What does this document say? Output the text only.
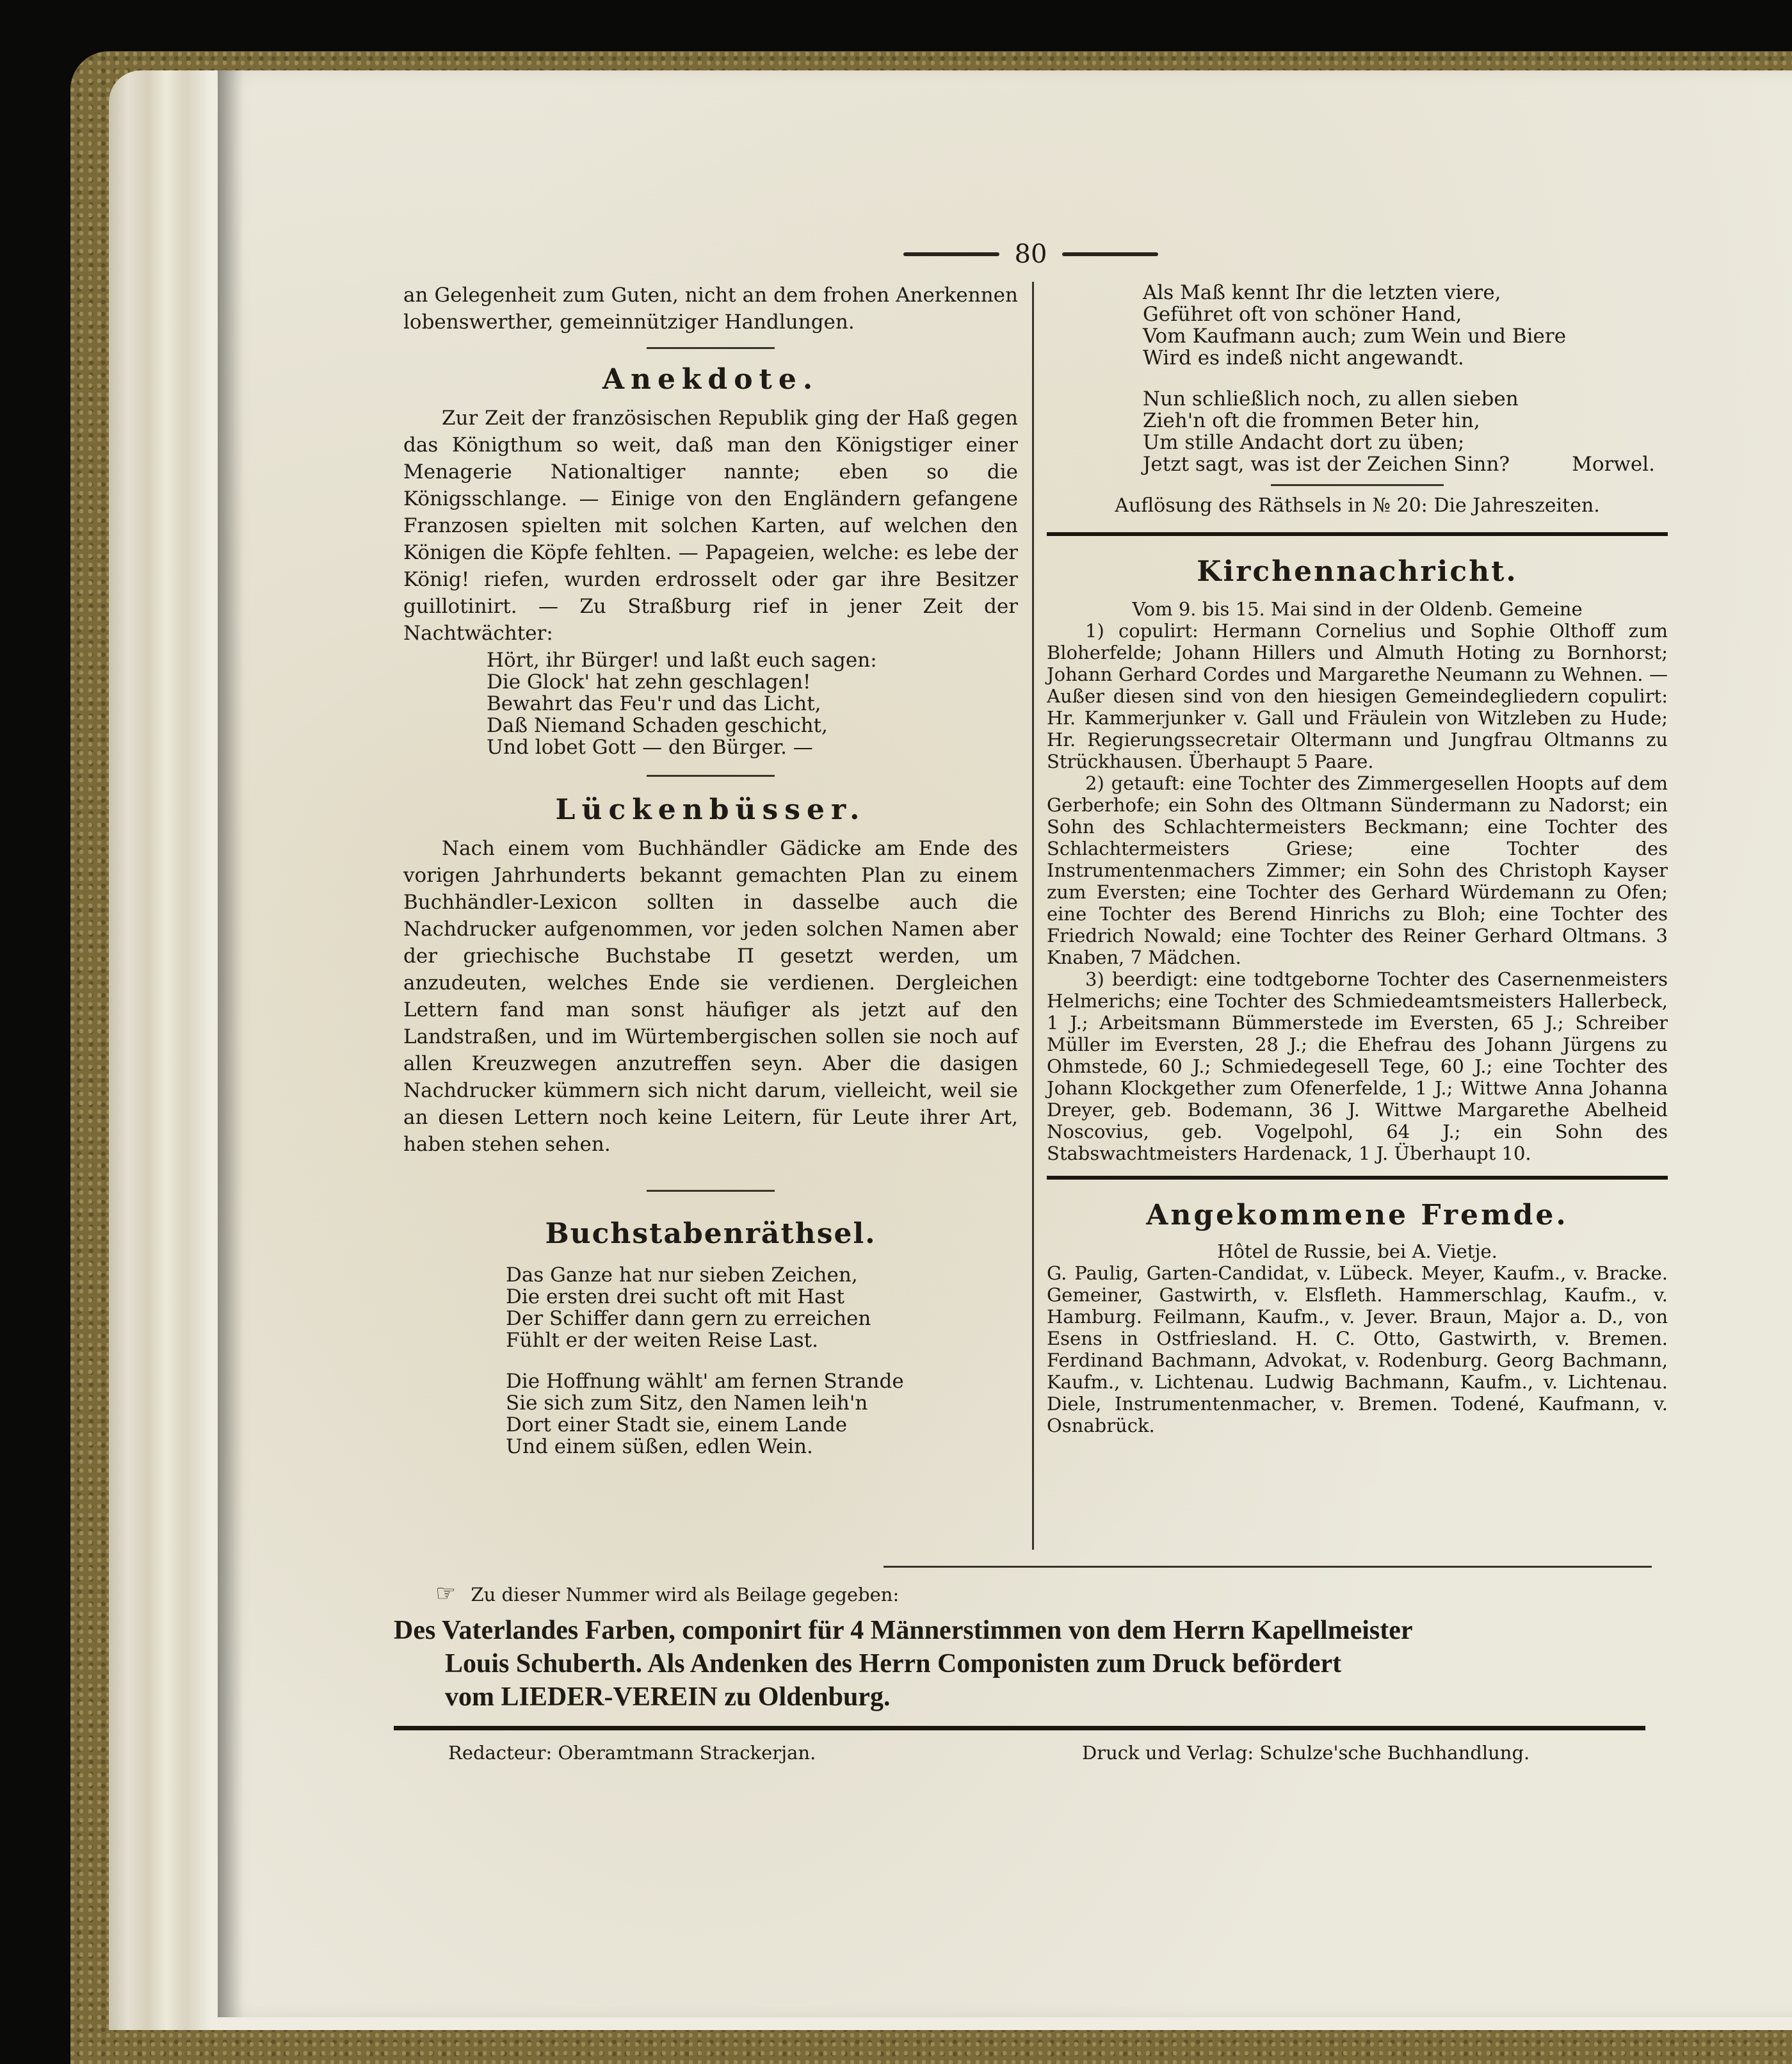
80

an Gelegenheit zum Guten, nicht an dem frohen Anerkennen lobenswerther, gemeinnütziger Handlungen.

Anekdote.

Zur Zeit der französischen Republik ging der Haß gegen das Königthum so weit, daß man den Königstiger einer Menagerie Nationaltiger nannte; eben so die Königsschlange. — Einige von den Engländern gefangene Franzosen spielten mit solchen Karten, auf welchen den Königen die Köpfe fehlten. — Papageien, welche: es lebe der König! riefen, wurden erdrosselt oder gar ihre Besitzer guillotinirt. — Zu Straßburg rief in jener Zeit der Nachtwächter:

Hört, ihr Bürger! und laßt euch sagen:
Die Glock' hat zehn geschlagen!
Bewahrt das Feu'r und das Licht,
Daß Niemand Schaden geschicht,
Und lobet Gott — den Bürger. —
Lückenbüsser.

Nach einem vom Buchhändler Gädicke am Ende des vorigen Jahrhunderts bekannt gemachten Plan zu einem Buchhändler-Lexicon sollten in dasselbe auch die Nachdrucker aufgenommen, vor jeden solchen Namen aber der griechische Buchstabe Π gesetzt werden, um anzudeuten, welches Ende sie verdienen. Dergleichen Lettern fand man sonst häufiger als jetzt auf den Landstraßen, und im Würtembergischen sollen sie noch auf allen Kreuzwegen anzutreffen seyn. Aber die dasigen Nachdrucker kümmern sich nicht darum, vielleicht, weil sie an diesen Lettern noch keine Leitern, für Leute ihrer Art, haben stehen sehen.

Buchstabenräthsel.
Das Ganze hat nur sieben Zeichen,
Die ersten drei sucht oft mit Hast
Der Schiffer dann gern zu erreichen
Fühlt er der weiten Reise Last.
Die Hoffnung wählt' am fernen Strande
Sie sich zum Sitz, den Namen leih'n
Dort einer Stadt sie, einem Lande
Und einem süßen, edlen Wein.
Als Maß kennt Ihr die letzten viere,
Geführet oft von schöner Hand,
Vom Kaufmann auch; zum Wein und Biere
Wird es indeß nicht angewandt.
Nun schließlich noch, zu allen sieben
Zieh'n oft die frommen Beter hin,
Um stille Andacht dort zu üben;
Jetzt sagt, was ist der Zeichen Sinn?	Morwel.

Auflösung des Räthsels in № 20: Die Jahreszeiten.

Kirchennachricht.

Vom 9. bis 15. Mai sind in der Oldenb. Gemeine

1) copulirt: Hermann Cornelius und Sophie Olthoff zum Bloherfelde; Johann Hillers und Almuth Hoting zu Bornhorst; Johann Gerhard Cordes und Margarethe Neumann zu Wehnen. — Außer diesen sind von den hiesigen Gemeindegliedern copulirt: Hr. Kammerjunker v. Gall und Fräulein von Witzleben zu Hude; Hr. Regierungssecretair Oltermann und Jungfrau Oltmanns zu Strückhausen. Überhaupt 5 Paare.

2) getauft: eine Tochter des Zimmergesellen Hoopts auf dem Gerberhofe; ein Sohn des Oltmann Sündermann zu Nadorst; ein Sohn des Schlachtermeisters Beckmann; eine Tochter des Schlachtermeisters Griese; eine Tochter des Instrumentenmachers Zimmer; ein Sohn des Christoph Kayser zum Eversten; eine Tochter des Gerhard Würdemann zu Ofen; eine Tochter des Berend Hinrichs zu Bloh; eine Tochter des Friedrich Nowald; eine Tochter des Reiner Gerhard Oltmans. 3 Knaben, 7 Mädchen.

3) beerdigt: eine todtgeborne Tochter des Casernenmeisters Helmerichs; eine Tochter des Schmiedeamtsmeisters Hallerbeck, 1 J.; Arbeitsmann Bümmerstede im Eversten, 65 J.; Schreiber Müller im Eversten, 28 J.; die Ehefrau des Johann Jürgens zu Ohmstede, 60 J.; Schmiedegesell Tege, 60 J.; eine Tochter des Johann Klockgether zum Ofenerfelde, 1 J.; Wittwe Anna Johanna Dreyer, geb. Bodemann, 36 J. Wittwe Margarethe Abelheid Noscovius, geb. Vogelpohl, 64 J.; ein Sohn des Stabswachtmeisters Hardenack, 1 J. Überhaupt 10.

Angekommene Fremde.

Hôtel de Russie, bei A. Vietje.

G. Paulig, Garten-Candidat, v. Lübeck. Meyer, Kaufm., v. Bracke. Gemeiner, Gastwirth, v. Elsfleth. Hammerschlag, Kaufm., v. Hamburg. Feilmann, Kaufm., v. Jever. Braun, Major a. D., von Esens in Ostfriesland. H. C. Otto, Gastwirth, v. Bremen. Ferdinand Bachmann, Advokat, v. Rodenburg. Georg Bachmann, Kaufm., v. Lichtenau. Ludwig Bachmann, Kaufm., v. Lichtenau. Diele, Instrumentenmacher, v. Bremen. Todené, Kaufmann, v. Osnabrück.

☞ Zu dieser Nummer wird als Beilage gegeben:
Des Vaterlandes Farben, componirt für 4 Männerstimmen von dem Herrn Kapellmeister
Louis Schuberth. Als Andenken des Herrn Componisten zum Druck befördert
vom LIEDER-VEREIN zu Oldenburg.
Redacteur: Oberamtmann Strackerjan.	Druck und Verlag: Schulze'sche Buchhandlung.
